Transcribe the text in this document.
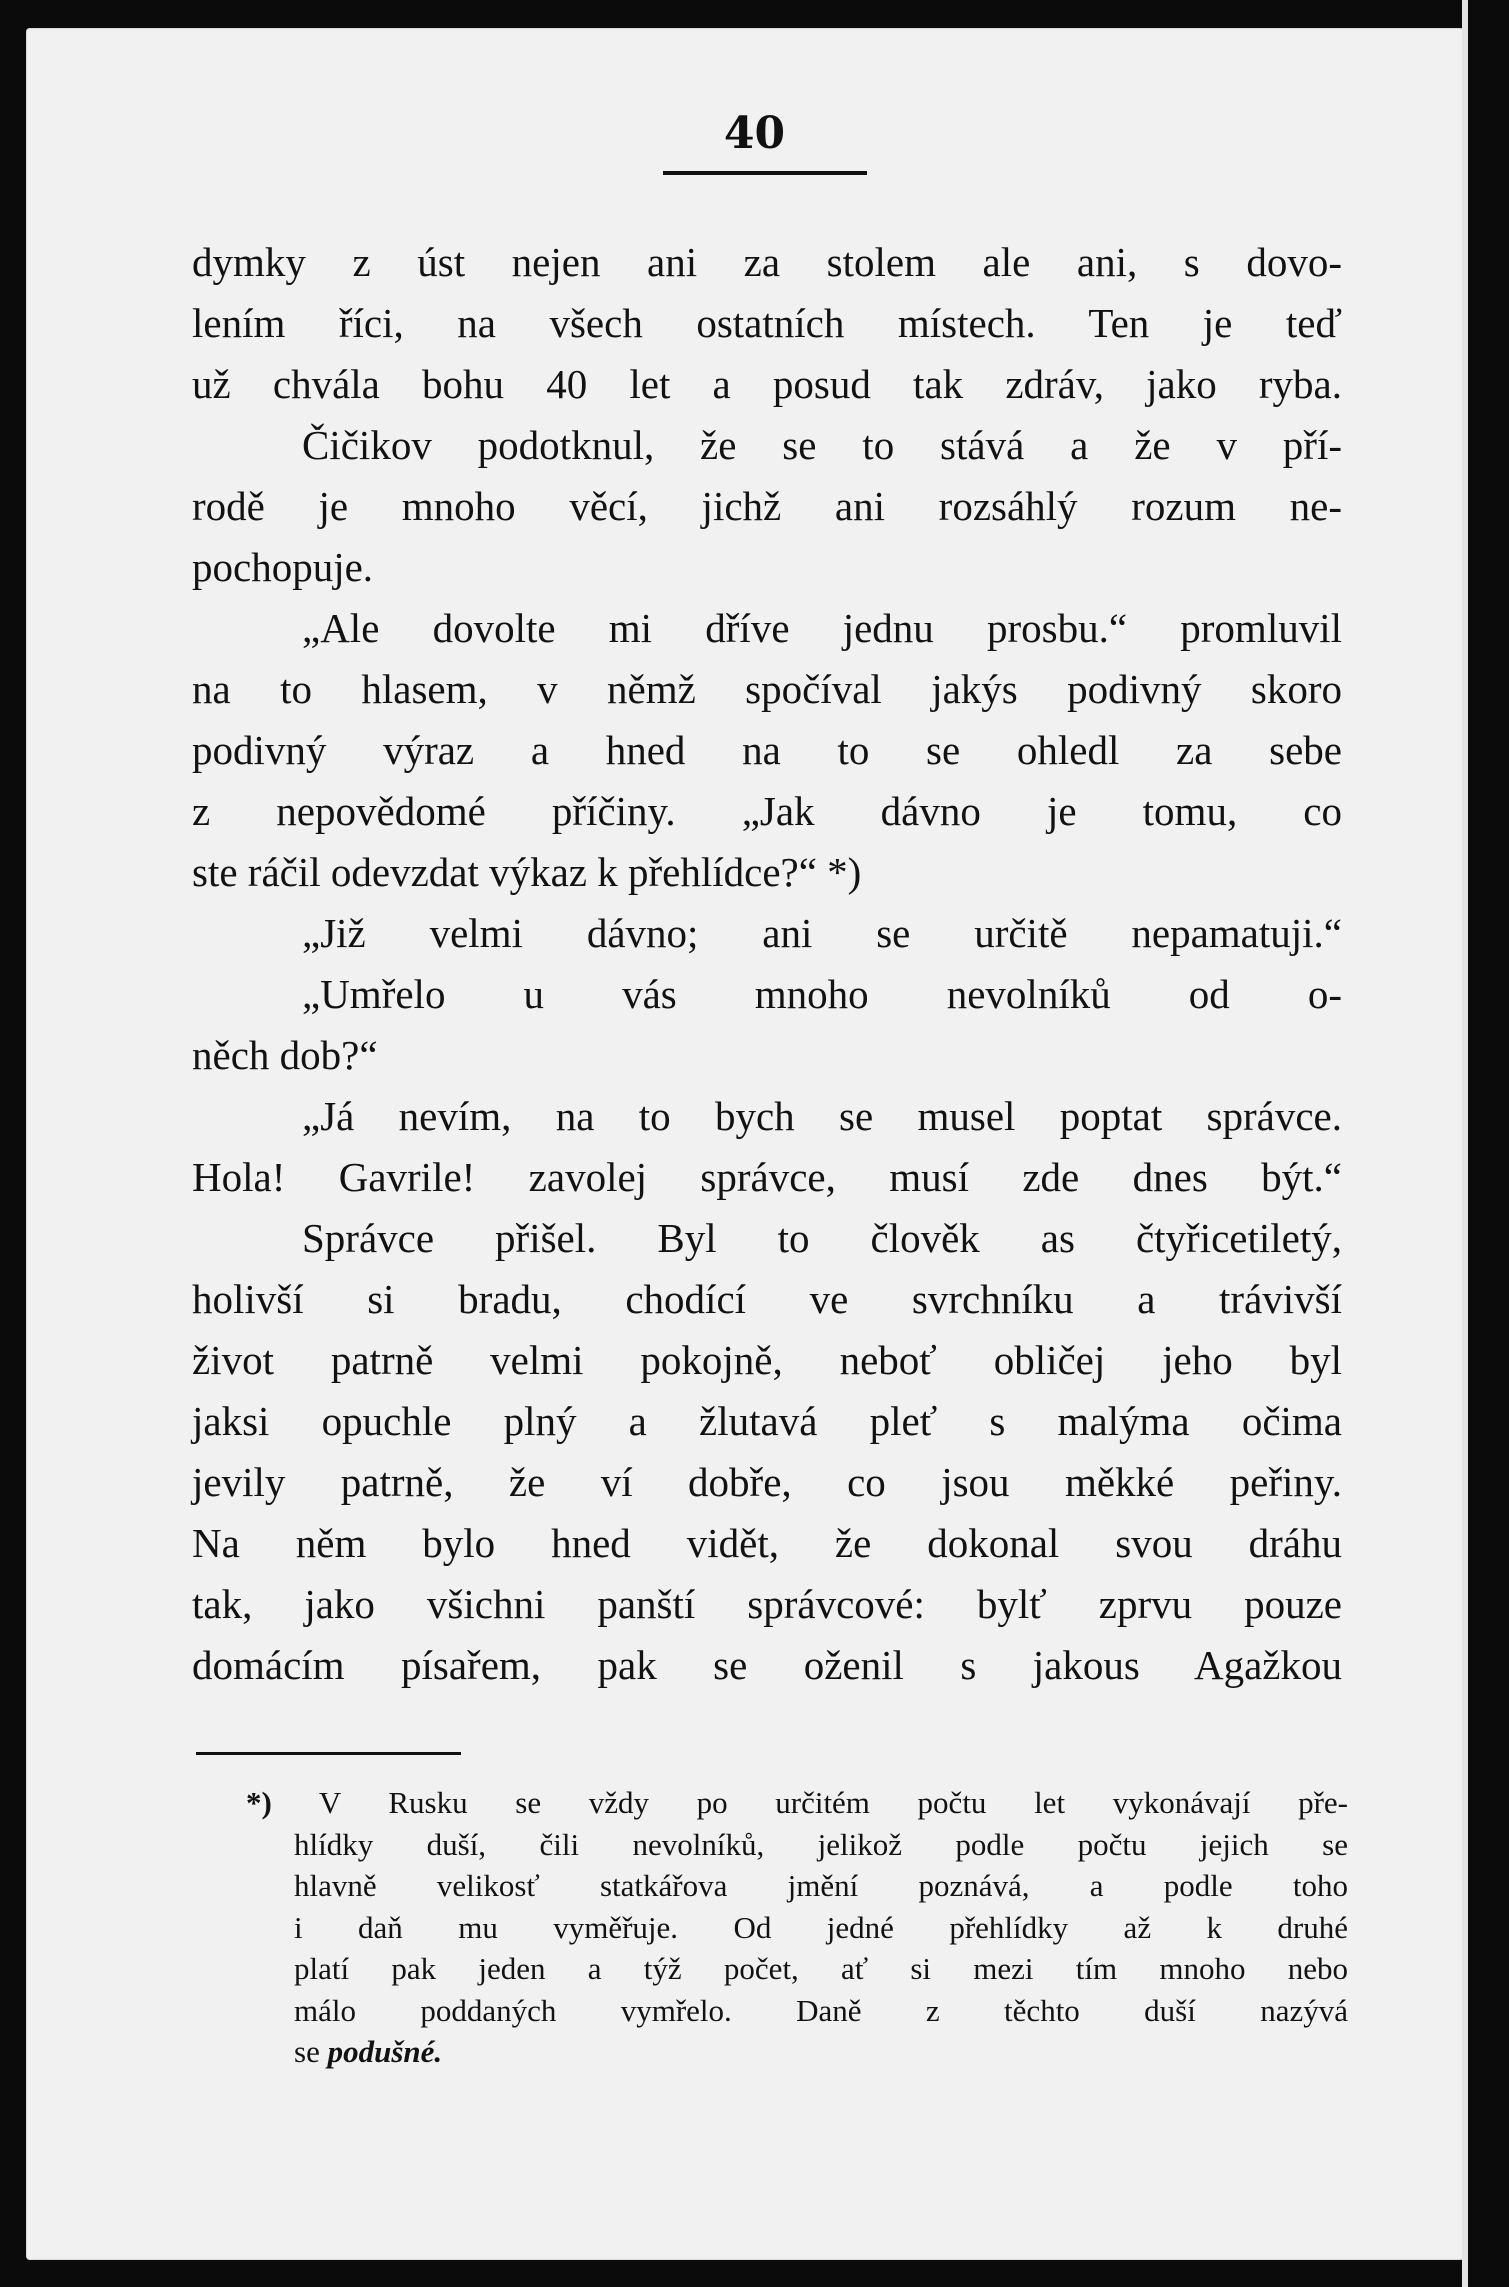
40
dymky z úst nejen ani za stolem ale ani, s dovo-
lením říci, na všech ostatních místech. Ten je teď
už chvála bohu 40 let a posud tak zdráv, jako ryba.
Čičikov podotknul, že se to stává a že v pří-
rodě je mnoho věcí, jichž ani rozsáhlý rozum ne-
pochopuje.
„Ale dovolte mi dříve jednu prosbu.“ promluvil
na to hlasem, v němž spočíval jakýs podivný skoro
podivný výraz a hned na to se ohledl za sebe
z nepovědomé příčiny. „Jak dávno je tomu, co
ste ráčil odevzdat výkaz k přehlídce?“ *)
„Již velmi dávno; ani se určitě nepamatuji.“
„Umřelo u vás mnoho nevolníků od o-
něch dob?“
„Já nevím, na to bych se musel poptat správce.
Hola! Gavrile! zavolej správce, musí zde dnes být.“
Správce přišel. Byl to člověk as čtyřicetiletý,
holivší si bradu, chodící ve svrchníku a trávivší
život patrně velmi pokojně, neboť obličej jeho byl
jaksi opuchle plný a žlutavá pleť s malýma očima
jevily patrně, že ví dobře, co jsou měkké peřiny.
Na něm bylo hned vidět, že dokonal svou dráhu
tak, jako všichni panští správcové: bylť zprvu pouze
domácím písařem, pak se oženil s jakous Agažkou
*) V Rusku se vždy po určitém počtu let vykonávají pře-
hlídky duší, čili nevolníků, jelikož podle počtu jejich se
hlavně velikosť statkářova jmění poznává, a podle toho
i daň mu vyměřuje. Od jedné přehlídky až k druhé
platí pak jeden a týž počet, ať si mezi tím mnoho nebo
málo poddaných vymřelo. Daně z těchto duší nazývá
se podušné.
